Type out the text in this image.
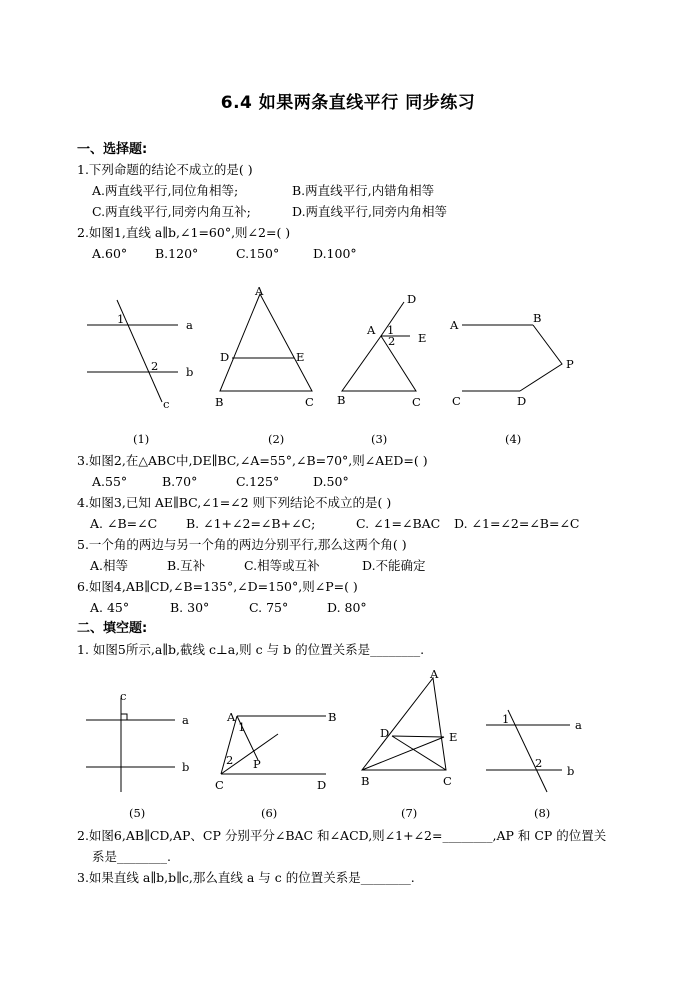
6.4 如果两条直线平行 同步练习
一、选择题:
1.下列命题的结论不成立的是( )
A.两直线平行,同位角相等;	B.两直线平行,内错角相等
C.两直线平行,同旁内角互补;	D.两直线平行,同旁内角相等
2.如图1,直线 a∥b,∠1=60°,则∠2=( )
A.60° B.120°	C.150°	D.100°
a
b
c
1
2
(1)
A
D	E
B	C
(2)
D
A
E
1
2
B	C
(3)
A	B
P
C	D
(4)
3.如图2,在△ABC中,DE∥BC,∠A=55°,∠B=70°,则∠AED=( )
A.55°	B.70°	C.125°	D.50°
4.如图3,已知 AE∥BC,∠1=∠2 则下列结论不成立的是( )
A. ∠B=∠C B. ∠1+∠2=∠B+∠C;	C. ∠1=∠BAC D. ∠1=∠2=∠B=∠C
5.一个角的两边与另一个角的两边分别平行,那么这两个角( )
A.相等	B.互补	C.相等或互补	D.不能确定
6.如图4,AB∥CD,∠B=135°,∠D=150°,则∠P=( )
A. 45°	B. 30°	C. 75°	D. 80°
二、填空题:
1. 如图5所示,a∥b,截线 c⊥a,则 c 与 b 的位置关系是________.
c
a
b
(5)
A	B
1
2 P
C	D
(6)
A
D	E
B	C
(7)
1
2
a
b
(8)
2.如图6,AB∥CD,AP、CP 分别平分∠BAC 和∠ACD,则∠1+∠2=________,AP 和 CP 的位置关
系是________.
3.如果直线 a∥b,b∥c,那么直线 a 与 c 的位置关系是________.
